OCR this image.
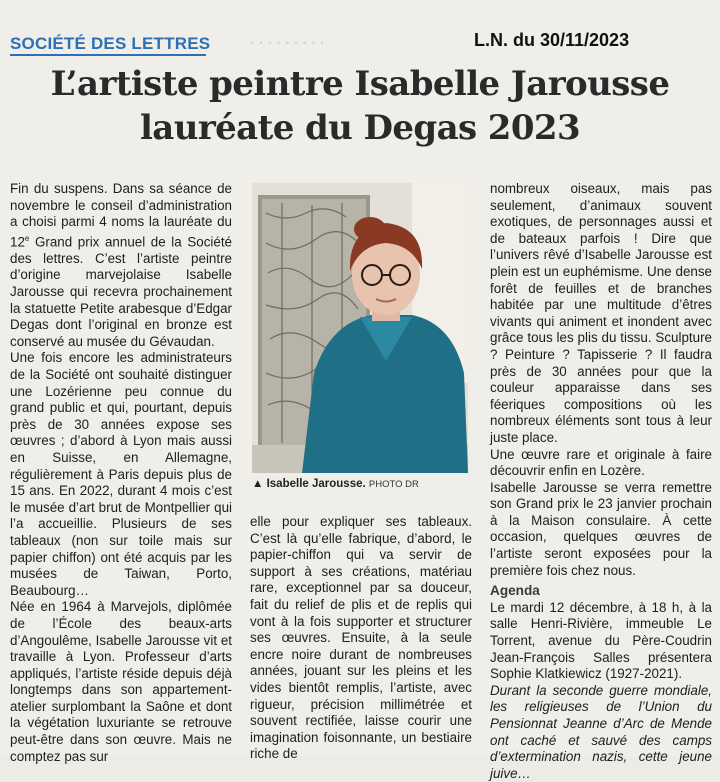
· · · · · · · · ·
SOCIÉTÉ DES LETTRES	L.N. du 30/11/2023
L’artiste peintre Isabelle Jarousse
lauréate du Degas 2023

Fin du suspens. Dans sa séance de novembre le conseil d’administration a choisi parmi 4 noms la lauréate du 12e Grand prix annuel de la Société des lettres. C’est l’artiste peintre d’origine marvejolaise Isabelle Jarousse qui recevra prochainement la statuette Petite arabesque d’Edgar Degas dont l’original en bronze est conservé au musée du Gévaudan.

Une fois encore les administrateurs de la Société ont souhaité distinguer une Lozérienne peu connue du grand public et qui, pourtant, depuis près de 30 années expose ses œuvres ; d’abord à Lyon mais aussi en Suisse, en Allemagne, régulièrement à Paris depuis plus de 15 ans. En 2022, durant 4 mois c’est le musée d’art brut de Montpellier qui l’a accueillie. Plusieurs de ses tableaux (non sur toile mais sur papier chiffon) ont été acquis par les musées de Taiwan, Porto, Beaubourg…

Née en 1964 à Marvejols, diplômée de l’École des beaux-arts d’Angoulême, Isabelle Jarousse vit et travaille à Lyon. Professeur d’arts appliqués, l’artiste réside depuis déjà longtemps dans son appartement-atelier surplombant la Saône et dont la végétation luxuriante se retrouve peut-être dans son œuvre. Mais ne comptez pas sur

▲ Isabelle Jarousse. PHOTO DR

elle pour expliquer ses tableaux. C’est là qu’elle fabrique, d’abord, le papier-chiffon qui va servir de support à ses créations, matériau rare, exceptionnel par sa douceur, fait du relief de plis et de replis qui vont à la fois supporter et structurer ses œuvres. Ensuite, à la seule encre noire durant de nombreuses années, jouant sur les pleins et les vides bientôt remplis, l’artiste, avec rigueur, précision millimétrée et souvent rectifiée, laisse courir une imagination foisonnante, un bestiaire riche de

nombreux oiseaux, mais pas seulement, d’animaux souvent exotiques, de personnages aussi et de bateaux parfois ! Dire que l’univers rêvé d’Isabelle Jarousse est plein est un euphémisme. Une dense forêt de feuilles et de branches habitée par une multitude d’êtres vivants qui animent et inondent avec grâce tous les plis du tissu. Sculpture ? Peinture ? Tapisserie ? Il faudra près de 30 années pour que la couleur apparaisse dans ses féeriques compositions où les nombreux éléments sont tous à leur juste place.

Une œuvre rare et originale à faire découvrir enfin en Lozère.

Isabelle Jarousse se verra remettre son Grand prix le 23 janvier prochain à la Maison consulaire. À cette occasion, quelques œuvres de l’artiste seront exposées pour la première fois chez nous.

Agenda

Le mardi 12 décembre, à 18 h, à la salle Henri-Rivière, immeuble Le Torrent, avenue du Père-Coudrin Jean-François Salles présentera Sophie Klatkiewicz (1927-2021).

Durant la seconde guerre mondiale, les religieuses de l’Union du Pensionnat Jeanne d’Arc de Mende ont caché et sauvé des camps d’extermination nazis, cette jeune juive…
